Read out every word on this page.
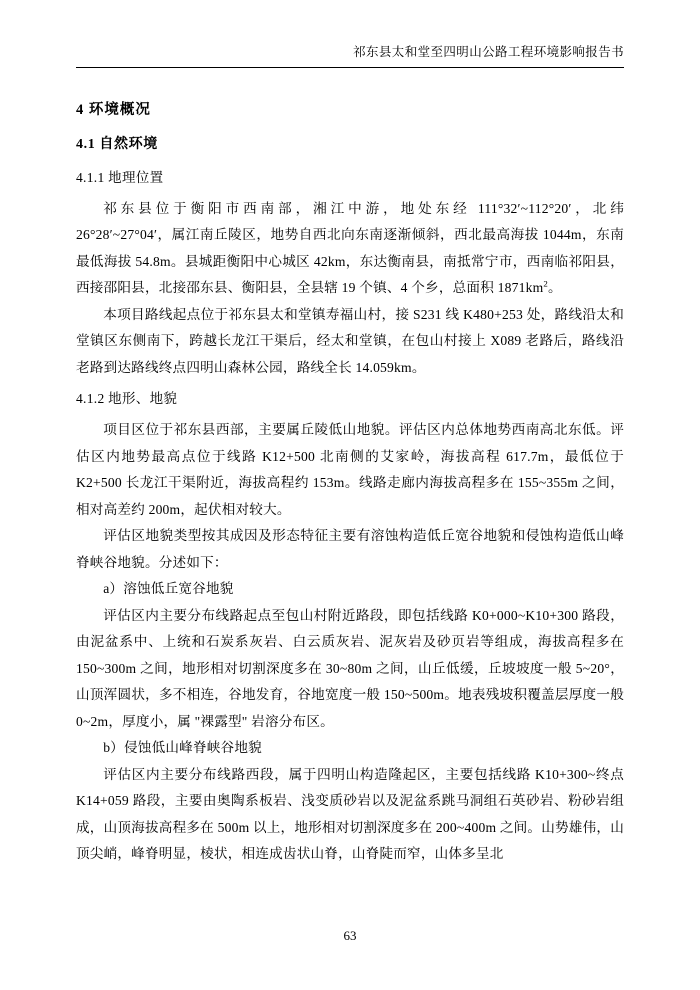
祁东县太和堂至四明山公路工程环境影响报告书
4 环境概况
4.1 自然环境
4.1.1 地理位置

祁东县位于衡阳市西南部，湘江中游，地处东经 111°32′~112°20′，北纬 26°28′~27°04′，属江南丘陵区，地势自西北向东南逐渐倾斜，西北最高海拔 1044m，东南最低海拔 54.8m。县城距衡阳中心城区 42km，东达衡南县，南抵常宁市，西南临祁阳县，西接邵阳县，北接邵东县、衡阳县，全县辖 19 个镇、4 个乡，总面积 $1871km^2$。

本项目路线起点位于祁东县太和堂镇寿福山村，接 S231 线 K480+253 处，路线沿太和堂镇区东侧南下，跨越长龙江干渠后，经太和堂镇，在包山村接上 X089 老路后，路线沿老路到达路线终点四明山森林公园，路线全长 14.059km。

4.1.2 地形、地貌

项目区位于祁东县西部，主要属丘陵低山地貌。评估区内总体地势西南高北东低。评估区内地势最高点位于线路 K12+500 北南侧的艾家岭，海拔高程 617.7m，最低位于 K2+500 长龙江干渠附近，海拔高程约 153m。线路走廊内海拔高程多在 155~355m 之间，相对高差约 200m，起伏相对较大。

评估区地貌类型按其成因及形态特征主要有溶蚀构造低丘宽谷地貌和侵蚀构造低山峰脊峡谷地貌。分述如下：

a）溶蚀低丘宽谷地貌

评估区内主要分布线路起点至包山村附近路段，即包括线路 K0+000~K10+300 路段，由泥盆系中、上统和石炭系灰岩、白云质灰岩、泥灰岩及砂页岩等组成，海拔高程多在 150~300m 之间，地形相对切割深度多在 30~80m 之间，山丘低缓，丘坡坡度一般 5~20°，山顶浑圆状，多不相连，谷地发育，谷地宽度一般 150~500m。地表残坡积覆盖层厚度一般 0~2m，厚度小，属 "裸露型" 岩溶分布区。

b）侵蚀低山峰脊峡谷地貌

评估区内主要分布线路西段，属于四明山构造隆起区，主要包括线路 K10+300~终点 K14+059 路段，主要由奥陶系板岩、浅变质砂岩以及泥盆系跳马洞组石英砂岩、粉砂岩组成，山顶海拔高程多在 500m 以上，地形相对切割深度多在 200~400m 之间。山势雄伟，山顶尖峭，峰脊明显，棱状，相连成齿状山脊，山脊陡而窄，山体多呈北

63
